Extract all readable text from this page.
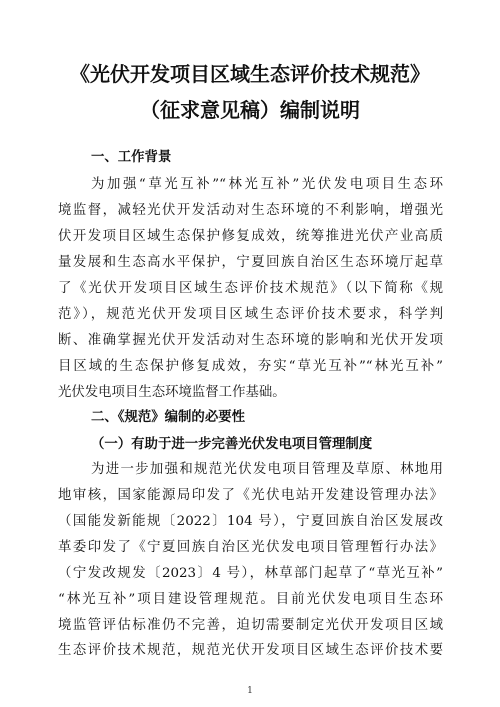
《光伏开发项目区域生态评价技术规范》
（征求意见稿）编制说明
一、工作背景
为加强“草光互补”“林光互补”光伏发电项目生态环
境监督，减轻光伏开发活动对生态环境的不利影响，增强光
伏开发项目区域生态保护修复成效，统筹推进光伏产业高质
量发展和生态高水平保护，宁夏回族自治区生态环境厅起草
了《光伏开发项目区域生态评价技术规范》（以下简称《规
范》），规范光伏开发项目区域生态评价技术要求，科学判
断、准确掌握光伏开发活动对生态环境的影响和光伏开发项
目区域的生态保护修复成效，夯实“草光互补”“林光互补”
光伏发电项目生态环境监督工作基础。
二、《规范》编制的必要性
（一）有助于进一步完善光伏发电项目管理制度
为进一步加强和规范光伏发电项目管理及草原、林地用
地审核，国家能源局印发了《光伏电站开发建设管理办法》
（国能发新能规〔2022〕104 号），宁夏回族自治区发展改
革委印发了《宁夏回族自治区光伏发电项目管理暂行办法》
（宁发改规发〔2023〕4 号），林草部门起草了“草光互补”
“林光互补”项目建设管理规范。目前光伏发电项目生态环
境监管评估标准仍不完善，迫切需要制定光伏开发项目区域
生态评价技术规范，规范光伏开发项目区域生态评价技术要
1
